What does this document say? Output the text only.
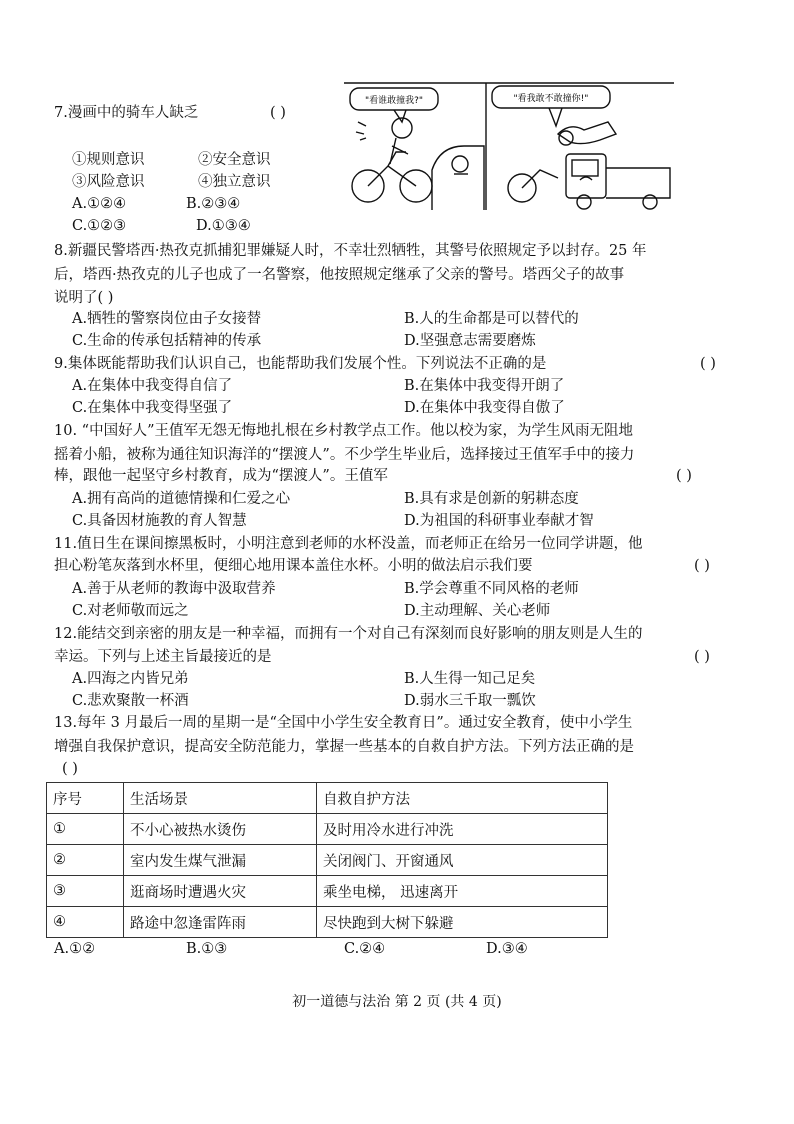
7.漫画中的骑车人缺乏	( )
①规则意识	②安全意识
③风险意识	④独立意识
A.①②④	B.②③④
C.①②③	D.①③④
"看谁敢撞我?"	"看我敢不敢撞你!"
8.新疆民警塔西·热孜克抓捕犯罪嫌疑人时，不幸壮烈牺牲，其警号依照规定予以封存。25 年
后，塔西·热孜克的儿子也成了一名警察，他按照规定继承了父亲的警号。塔西父子的故事
说明了( )
A.牺牲的警察岗位由子女接替	B.人的生命都是可以替代的
C.生命的传承包括精神的传承	D.坚强意志需要磨炼
9.集体既能帮助我们认识自己，也能帮助我们发展个性。下列说法不正确的是	( )
A.在集体中我变得自信了	B.在集体中我变得开朗了
C.在集体中我变得坚强了	D.在集体中我变得自傲了
10. “中国好人”王值军无怨无悔地扎根在乡村教学点工作。他以校为家，为学生风雨无阻地
摇着小船，被称为通往知识海洋的“摆渡人”。不少学生毕业后，选择接过王值军手中的接力
棒，跟他一起坚守乡村教育，成为“摆渡人”。王值军	( )
A.拥有高尚的道德情操和仁爱之心	B.具有求是创新的躬耕态度
C.具备因材施教的育人智慧	D.为祖国的科研事业奉献才智
11.值日生在课间擦黑板时，小明注意到老师的水杯没盖，而老师正在给另一位同学讲题，他
担心粉笔灰落到水杯里，便细心地用课本盖住水杯。小明的做法启示我们要	( )
A.善于从老师的教诲中汲取营养	B.学会尊重不同风格的老师
C.对老师敬而远之	D.主动理解、关心老师
12.能结交到亲密的朋友是一种幸福，而拥有一个对自己有深刻而良好影响的朋友则是人生的
幸运。下列与上述主旨最接近的是	( )
A.四海之内皆兄弟	B.人生得一知己足矣
C.悲欢聚散一杯酒	D.弱水三千取一瓢饮
13.每年 3 月最后一周的星期一是“全国中小学生安全教育日”。通过安全教育，使中小学生
增强自我保护意识，提高安全防范能力，掌握一些基本的自救自护方法。下列方法正确的是
( )
序号	生活场景	自救自护方法
①	不小心被热水烫伤	及时用冷水进行冲洗
②	室内发生煤气泄漏	关闭阀门、开窗通风
③	逛商场时遭遇火灾	乘坐电梯， 迅速离开
④	路途中忽逢雷阵雨	尽快跑到大树下躲避
A.①②	B.①③	C.②④	D.③④
初一道德与法治 第 2 页 (共 4 页)
